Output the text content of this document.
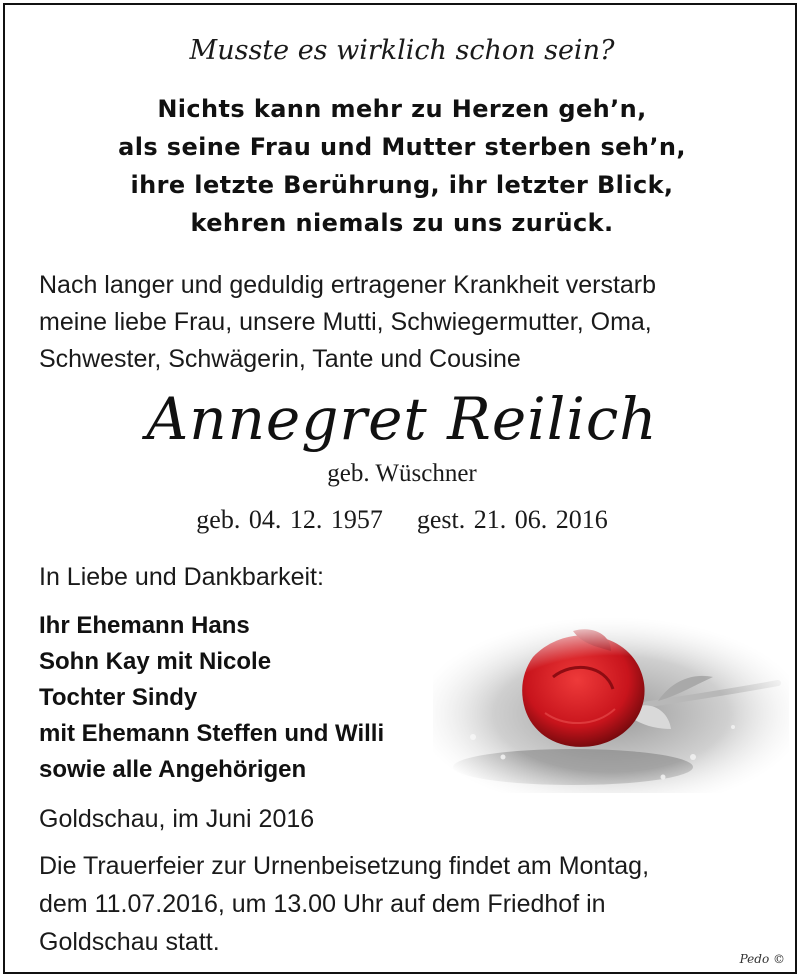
Musste es wirklich schon sein?
Nichts kann mehr zu Herzen geh’n,
als seine Frau und Mutter sterben seh’n,
ihre letzte Berührung, ihr letzter Blick,
kehren niemals zu uns zurück.
Nach langer und geduldig ertragener Krankheit verstarb
meine liebe Frau, unsere Mutti, Schwiegermutter, Oma,
Schwester, Schwägerin, Tante und Cousine
Annegret Reilich
geb. Wüschner
geb. 04. 12. 1957 gest. 21. 06. 2016
In Liebe und Dankbarkeit:
Ihr Ehemann Hans
Sohn Kay mit Nicole
Tochter Sindy
mit Ehemann Steffen und Willi
sowie alle Angehörigen
Goldschau, im Juni 2016
Die Trauerfeier zur Urnenbeisetzung findet am Montag,
dem 11.07.2016, um 13.00 Uhr auf dem Friedhof in
Goldschau statt.
Pedo ©
